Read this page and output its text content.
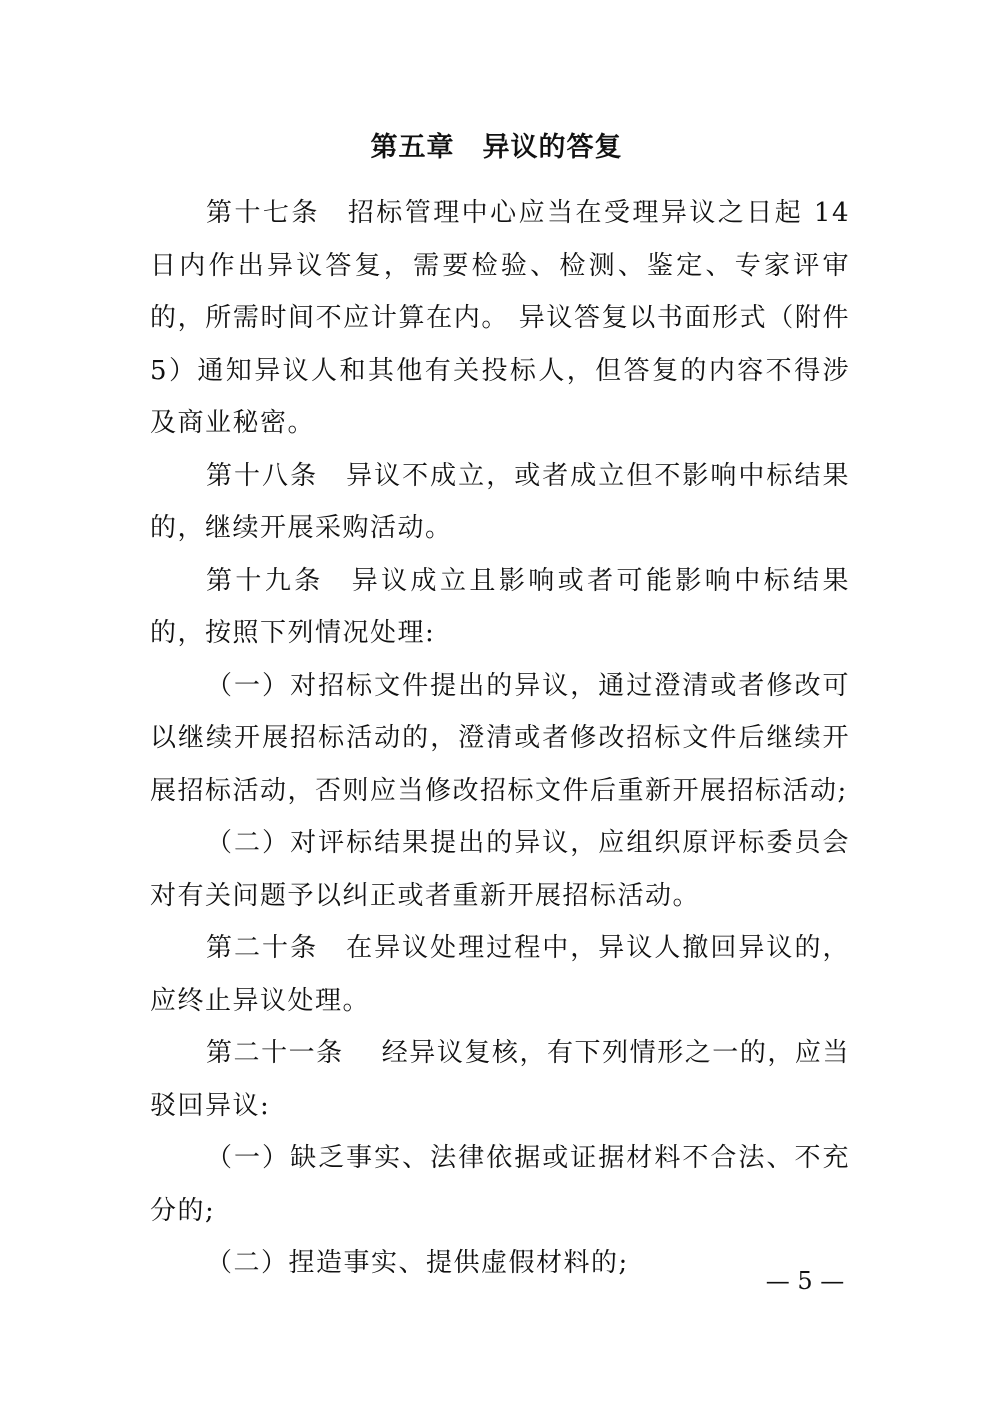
第五章　异议的答复

第十七条 招标管理中心应当在受理异议之日起 14 日内作出异议答复，需要检验、检测、鉴定、专家评审的，所需时间不应计算在内。 异议答复以书面形式（附件 5）通知异议人和其他有关投标人，但答复的内容不得涉及商业秘密。

第十八条 异议不成立，或者成立但不影响中标结果的，继续开展采购活动。

第十九条 异议成立且影响或者可能影响中标结果的，按照下列情况处理:

（一）对招标文件提出的异议，通过澄清或者修改可以继续开展招标活动的，澄清或者修改招标文件后继续开展招标活动，否则应当修改招标文件后重新开展招标活动;

（二）对评标结果提出的异议，应组织原评标委员会对有关问题予以纠正或者重新开展招标活动。

第二十条 在异议处理过程中，异议人撤回异议的，应终止异议处理。

第二十一条 经异议复核，有下列情形之一的，应当驳回异议:

（一）缺乏事实、法律依据或证据材料不合法、不充分的;

（二）捏造事实、提供虚假材料的;

— 5 —
